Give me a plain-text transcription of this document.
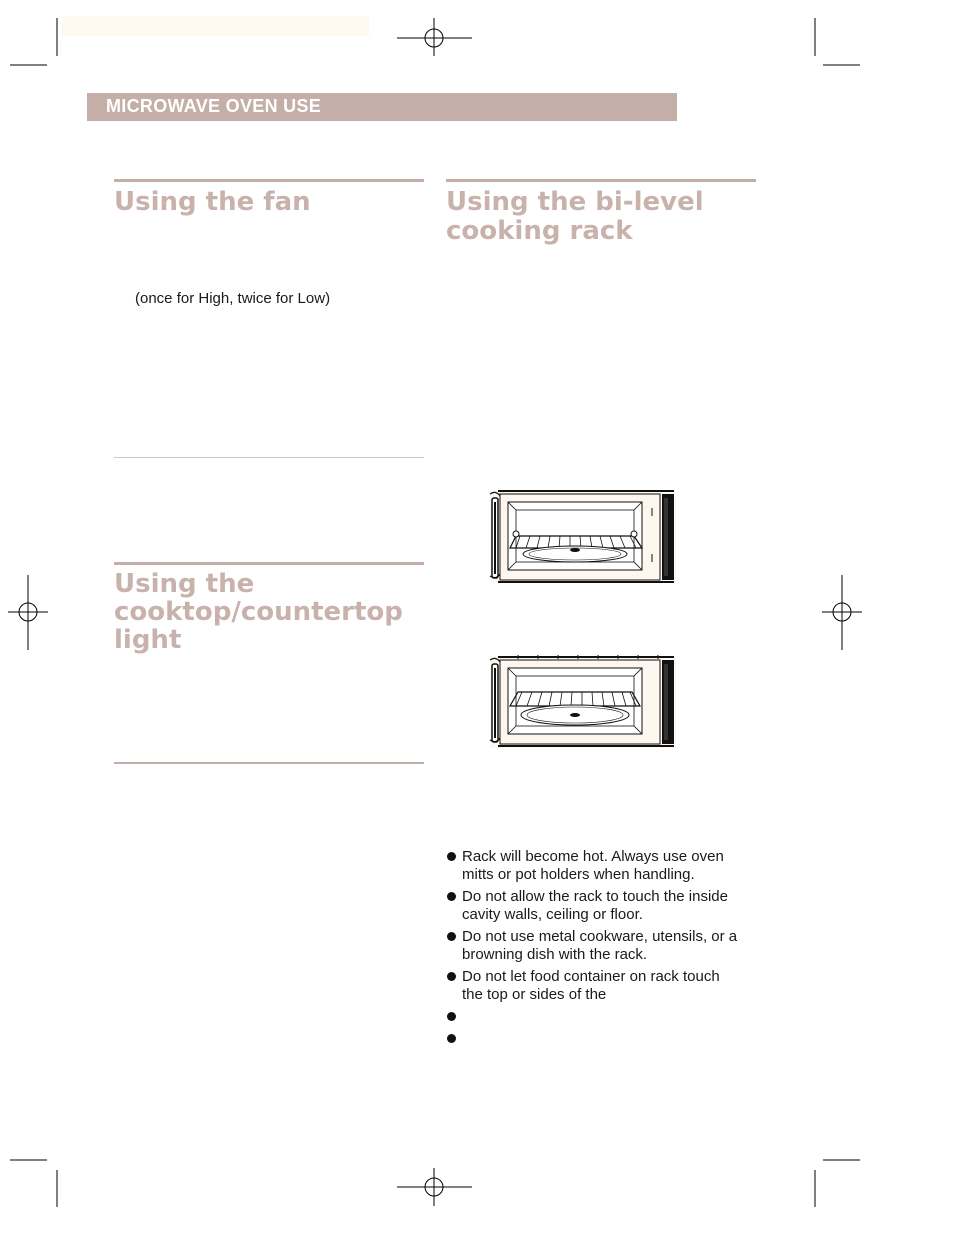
MICROWAVE OVEN USE
Using the fan
(once for High, twice for Low)
Using the
cooktop/countertop
light
Using the bi-level
cooking rack
Rack will become hot. Always use oven
mitts or pot holders when handling.
Do not allow the rack to touch the inside
cavity walls, ceiling or floor.
Do not use metal cookware, utensils, or a
browning dish with the rack.
Do not let food container on rack touch
the top or sides of the
